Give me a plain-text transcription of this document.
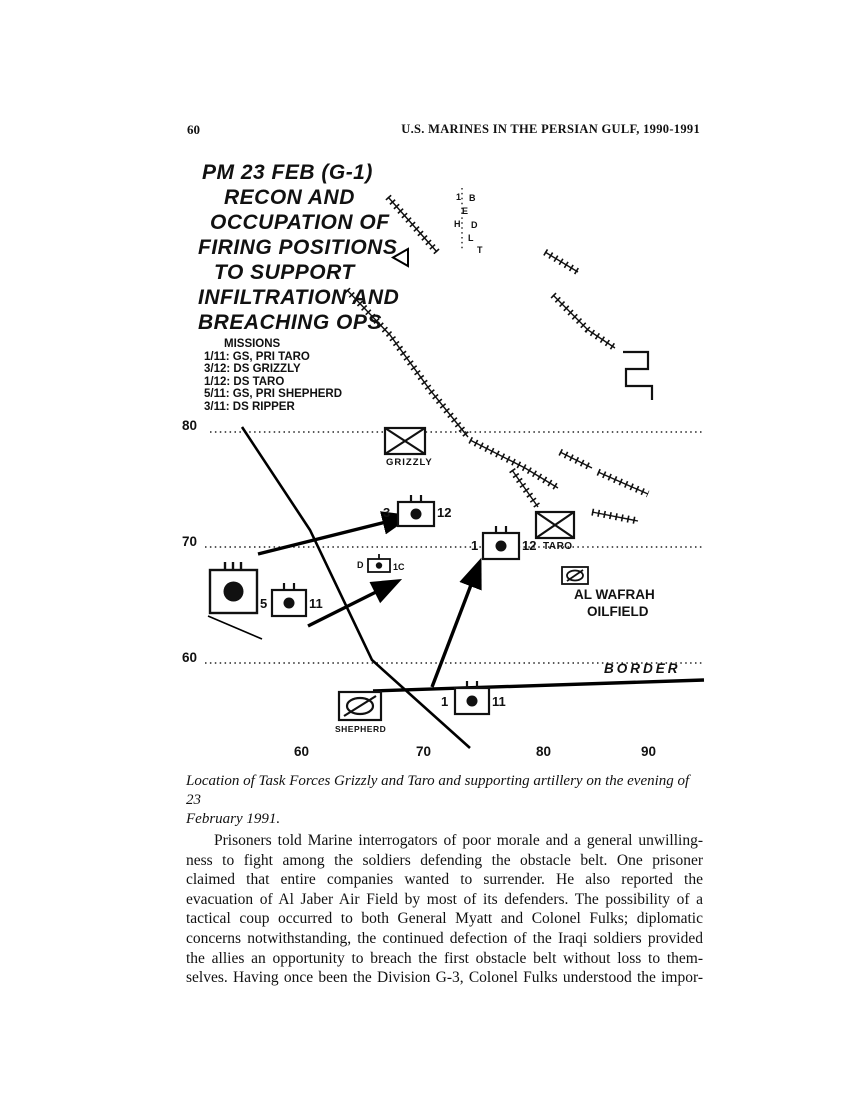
60	U.S. MARINES IN THE PERSIAN GULF, 1990-1991
PM 23 FEB (G-1)
RECON AND
OCCUPATION OF
FIRING POSITIONS
TO SUPPORT
INFILTRATION AND
BREACHING OPS
MISSIONS
1/11: GS, PRI TARO
3/12: DS GRIZZLY
1/12: DS TARO
5/11: GS, PRI SHEPHERD
3/11: DS RIPPER
80
70
60
60	70	80	90
1 B
E
H D
L
T
GRIZZLY
3	12
1	12 TARO
5	11
1	11
D	1C
SHEPHERD
AL WAFRAH
OILFIELD
BORDER
Location of Task Forces Grizzly and Taro and supporting artillery on the evening of 23
February 1991.
Prisoners told Marine interrogators of poor morale and a general unwilling-
ness to fight among the soldiers defending the obstacle belt. One prisoner
claimed that entire companies wanted to surrender. He also reported the
evacuation of Al Jaber Air Field by most of its defenders. The possibility of a
tactical coup occurred to both General Myatt and Colonel Fulks; diplomatic
concerns notwithstanding, the continued defection of the Iraqi soldiers provided
the allies an opportunity to breach the first obstacle belt without loss to them-
selves. Having once been the Division G-3, Colonel Fulks understood the impor-
